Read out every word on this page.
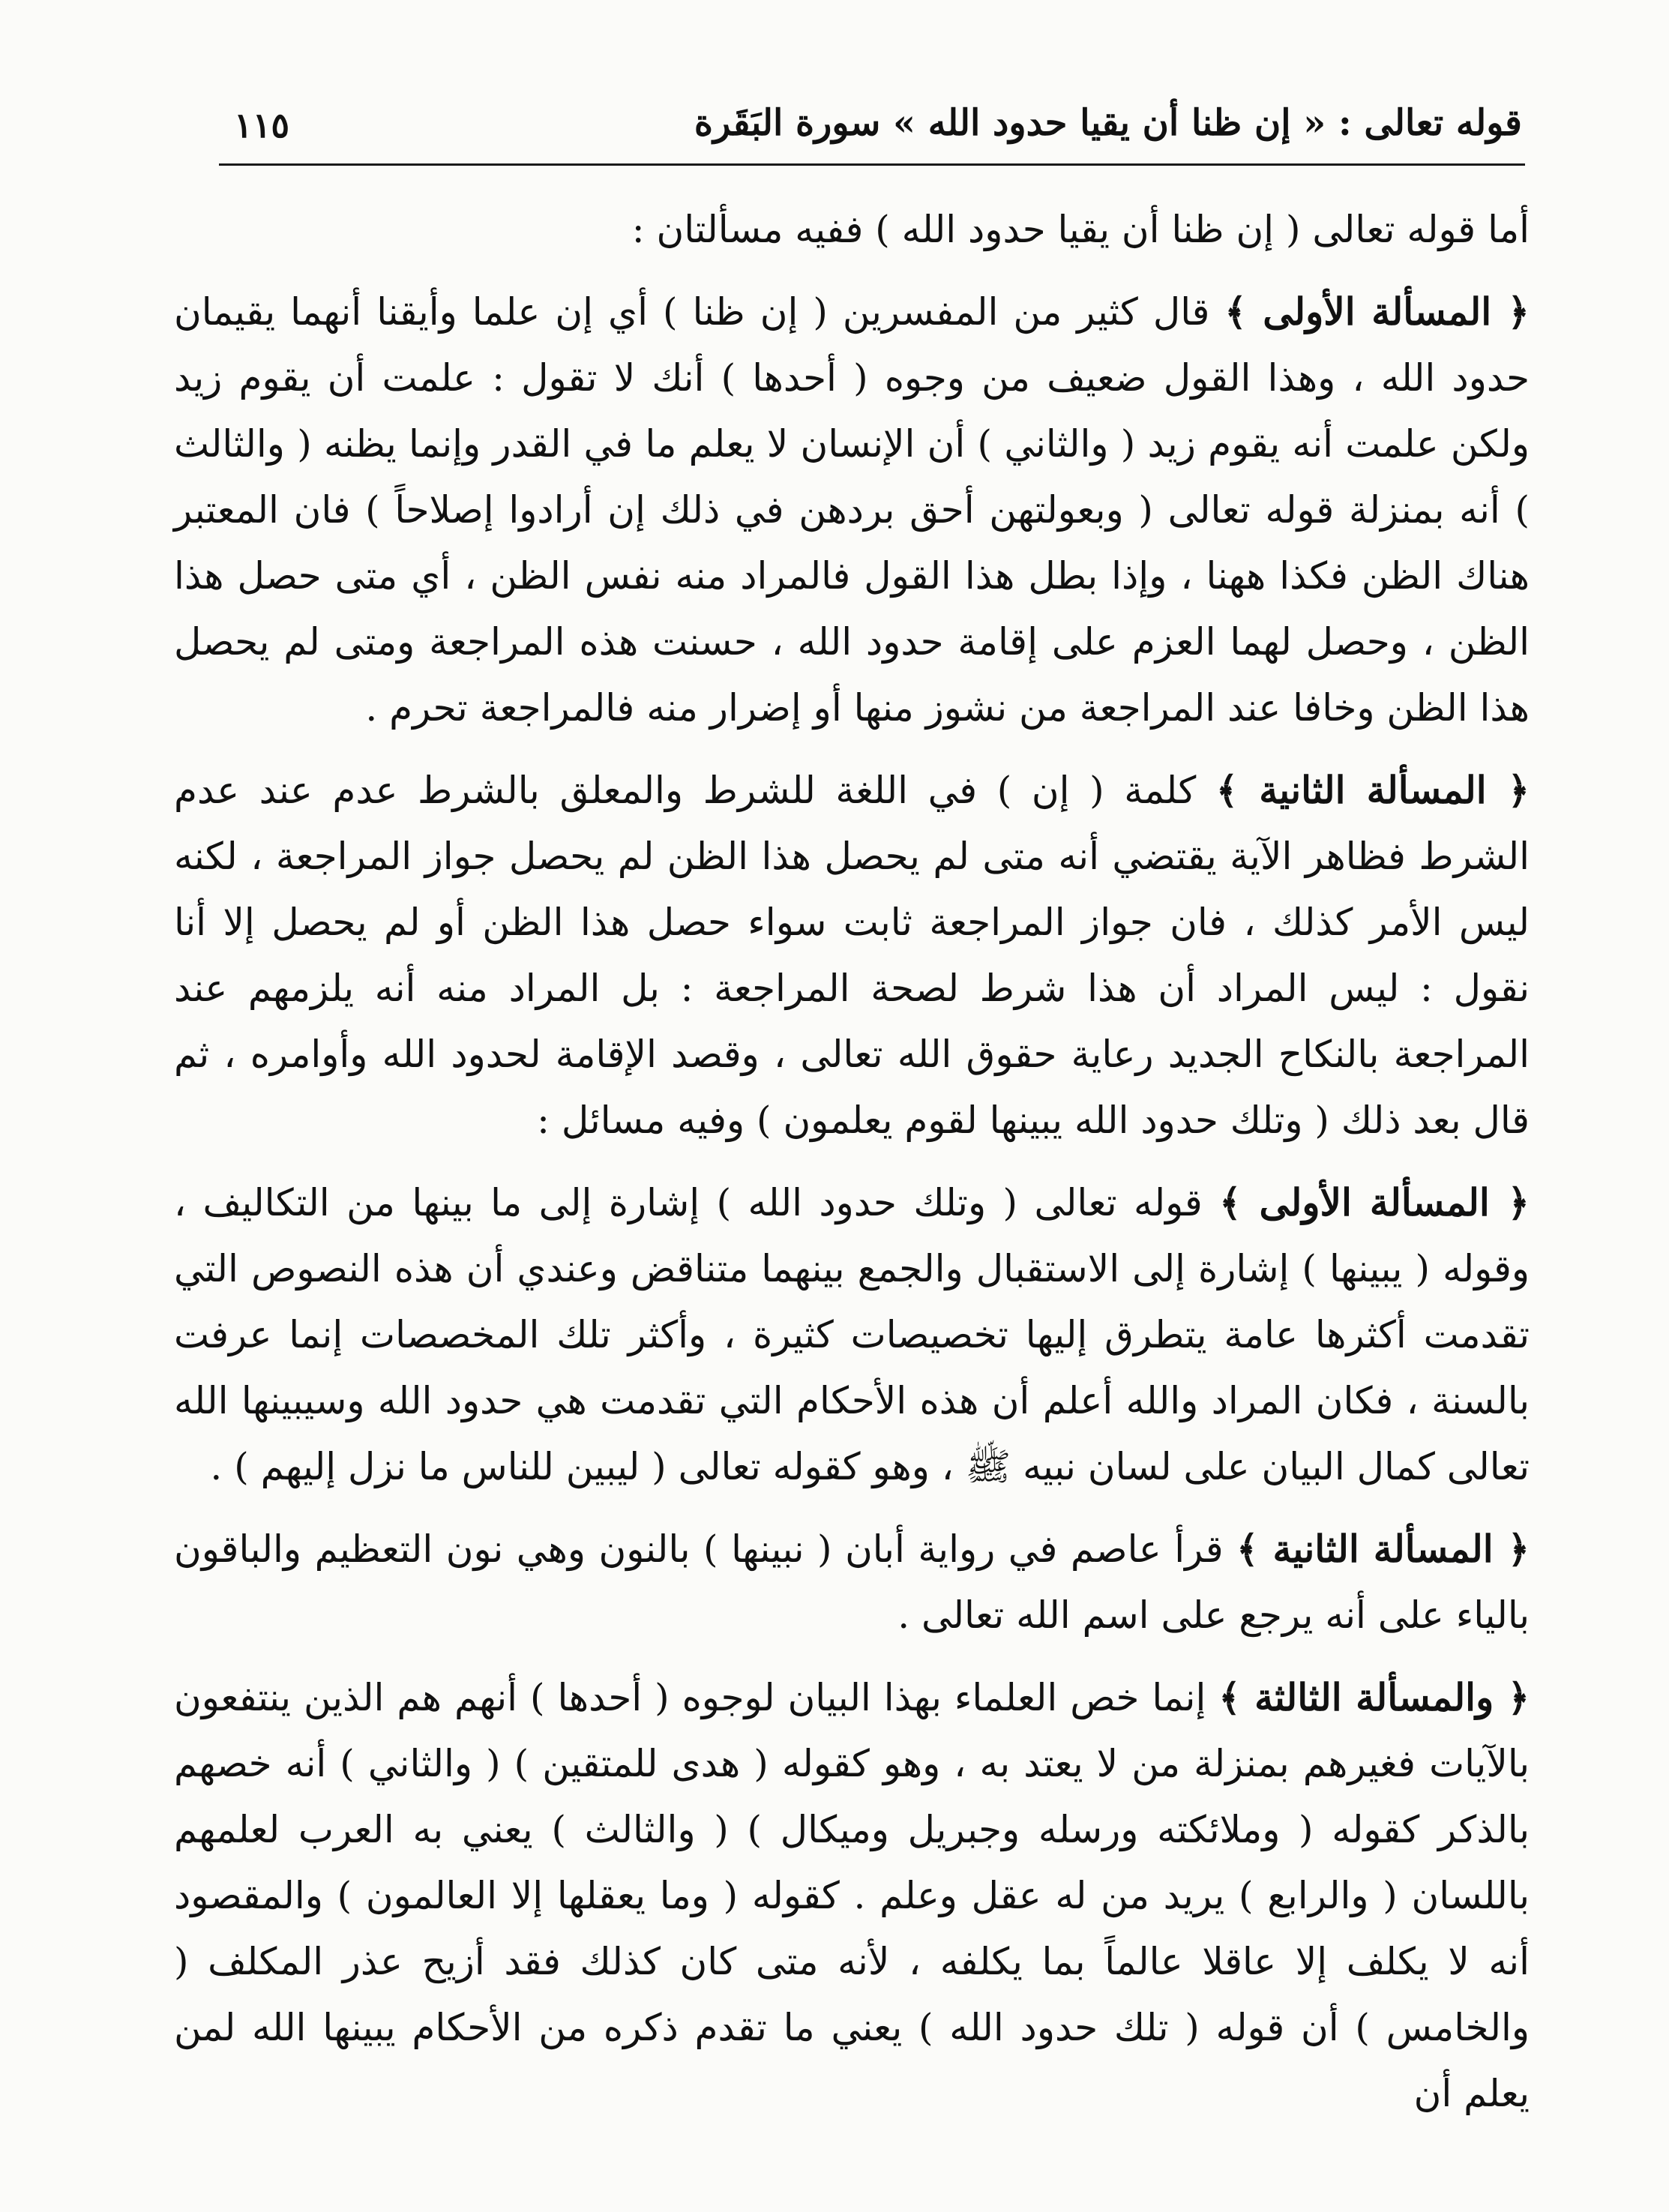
قوله تعالى : « إن ظنا أن يقيا حدود الله » سورة البَقَرة
١١٥

أما قوله تعالى ( إن ظنا أن يقيا حدود الله ) ففيه مسألتان :

﴿ المسألة الأولى ﴾ قال كثير من المفسرين ( إن ظنا ) أي إن علما وأيقنا أنهما يقيمان حدود الله ، وهذا القول ضعيف من وجوه ( أحدها ) أنك لا تقول : علمت أن يقوم زيد ولكن علمت أنه يقوم زيد ( والثاني ) أن الإنسان لا يعلم ما في القدر وإنما يظنه ( والثالث ) أنه بمنزلة قوله تعالى ( وبعولتهن أحق بردهن في ذلك إن أرادوا إصلاحاً ) فان المعتبر هناك الظن فكذا ههنا ، وإذا بطل هذا القول فالمراد منه نفس الظن ، أي متى حصل هذا الظن ، وحصل لهما العزم على إقامة حدود الله ، حسنت هذه المراجعة ومتى لم يحصل هذا الظن وخافا عند المراجعة من نشوز منها أو إضرار منه فالمراجعة تحرم .

﴿ المسألة الثانية ﴾ كلمة ( إن ) في اللغة للشرط والمعلق بالشرط عدم عند عدم الشرط فظاهر الآية يقتضي أنه متى لم يحصل هذا الظن لم يحصل جواز المراجعة ، لكنه ليس الأمر كذلك ، فان جواز المراجعة ثابت سواء حصل هذا الظن أو لم يحصل إلا أنا نقول : ليس المراد أن هذا شرط لصحة المراجعة : بل المراد منه أنه يلزمهم عند المراجعة بالنكاح الجديد رعاية حقوق الله تعالى ، وقصد الإقامة لحدود الله وأوامره ، ثم قال بعد ذلك ( وتلك حدود الله يبينها لقوم يعلمون ) وفيه مسائل :

﴿ المسألة الأولى ﴾ قوله تعالى ( وتلك حدود الله ) إشارة إلى ما بينها من التكاليف ، وقوله ( يبينها ) إشارة إلى الاستقبال والجمع بينهما متناقض وعندي أن هذه النصوص التي تقدمت أكثرها عامة يتطرق إليها تخصيصات كثيرة ، وأكثر تلك المخصصات إنما عرفت بالسنة ، فكان المراد والله أعلم أن هذه الأحكام التي تقدمت هي حدود الله وسيبينها الله تعالى كمال البيان على لسان نبيه ﷺ ، وهو كقوله تعالى ( ليبين للناس ما نزل إليهم ) .

﴿ المسألة الثانية ﴾ قرأ عاصم في رواية أبان ( نبينها ) بالنون وهي نون التعظيم والباقون بالياء على أنه يرجع على اسم الله تعالى .

﴿ والمسألة الثالثة ﴾ إنما خص العلماء بهذا البيان لوجوه ( أحدها ) أنهم هم الذين ينتفعون بالآيات فغيرهم بمنزلة من لا يعتد به ، وهو كقوله ( هدى للمتقين ) ( والثاني ) أنه خصهم بالذكر كقوله ( وملائكته ورسله وجبريل وميكال ) ( والثالث ) يعني به العرب لعلمهم باللسان ( والرابع ) يريد من له عقل وعلم . كقوله ( وما يعقلها إلا العالمون ) والمقصود أنه لا يكلف إلا عاقلا عالماً بما يكلفه ، لأنه متى كان كذلك فقد أزيح عذر المكلف ( والخامس ) أن قوله ( تلك حدود الله ) يعني ما تقدم ذكره من الأحكام يبينها الله لمن يعلم أن
